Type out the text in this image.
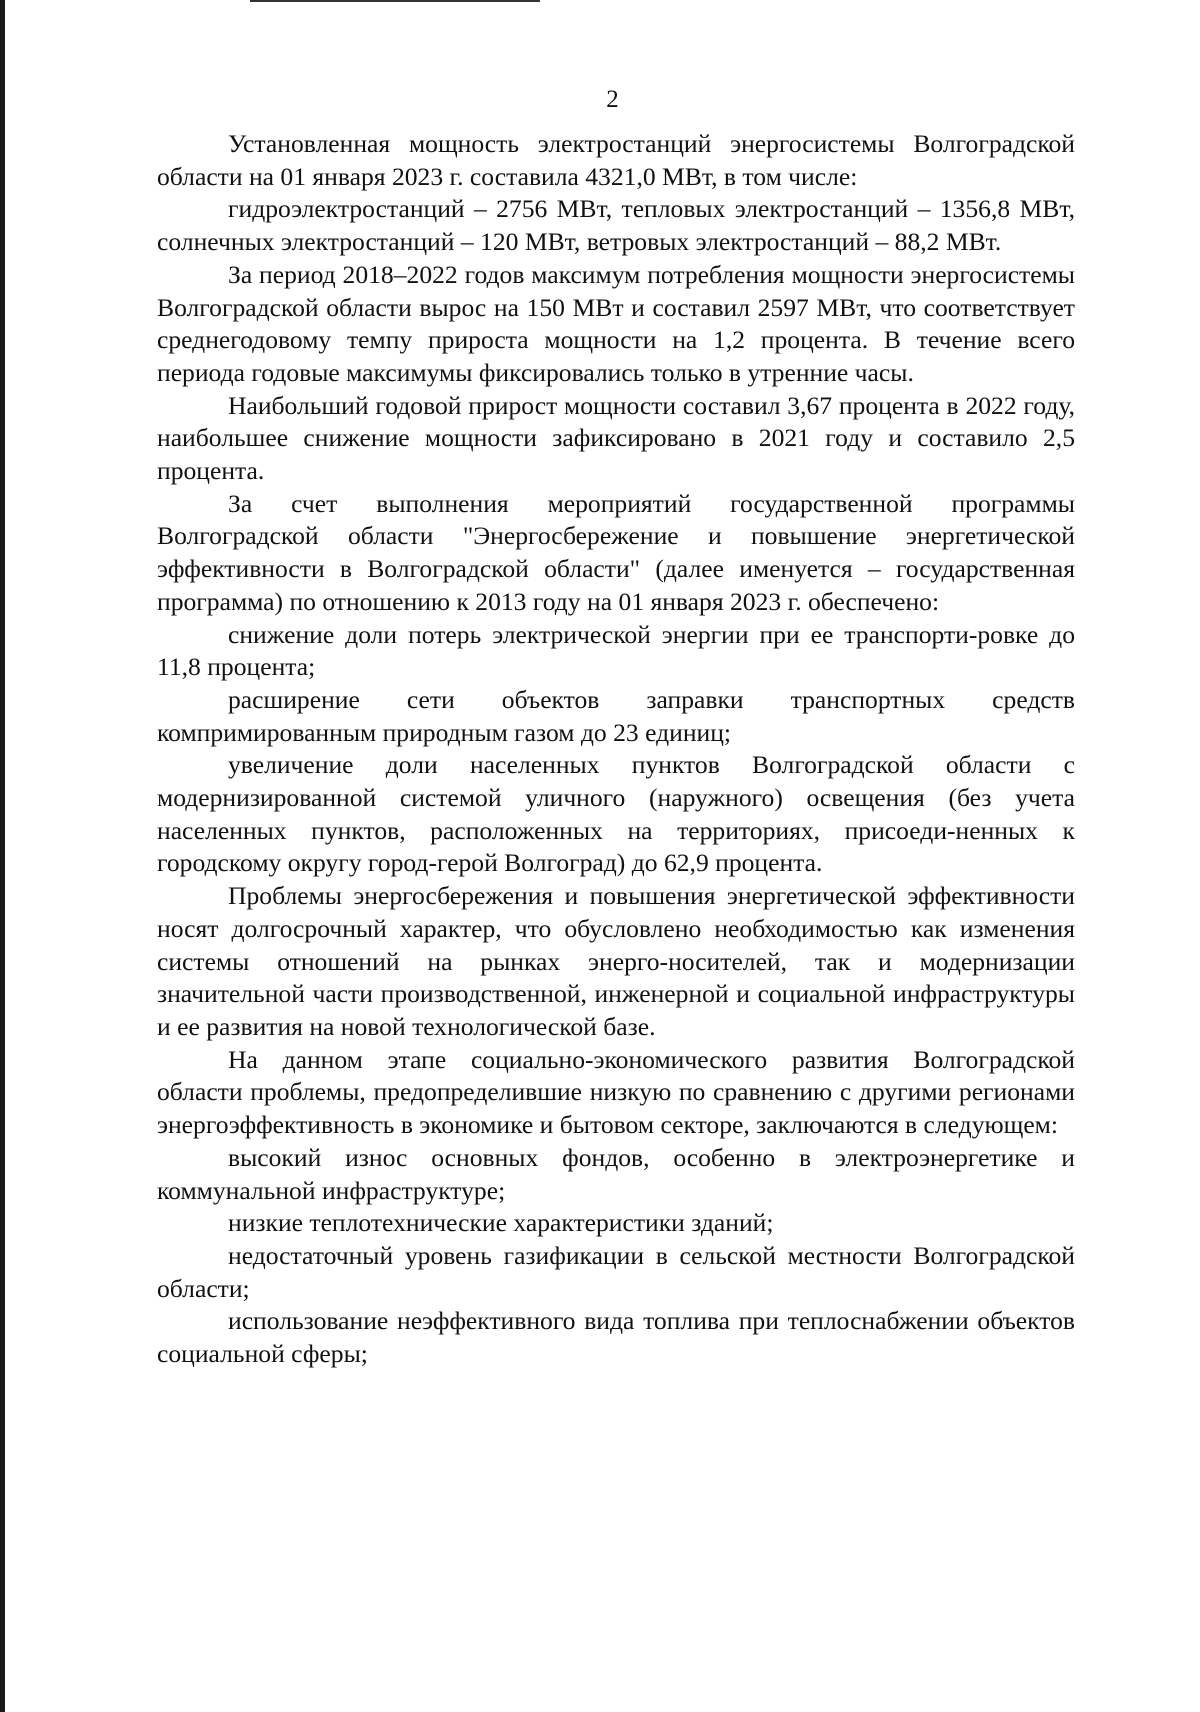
2

Установленная мощность электростанций энергосистемы Волгоградской области на 01 января 2023 г. составила 4321,0 МВт, в том числе:

гидроэлектростанций – 2756 МВт, тепловых электростанций – 1356,8 МВт, солнечных электростанций – 120 МВт, ветровых электростанций – 88,2 МВт.

За период 2018–2022 годов максимум потребления мощности энергосистемы Волгоградской области вырос на 150 МВт и составил 2597 МВт, что соответствует среднегодовому темпу прироста мощности на 1,2 процента. В течение всего периода годовые максимумы фиксировались только в утренние часы.

Наибольший годовой прирост мощности составил 3,67 процента в 2022 году, наибольшее снижение мощности зафиксировано в 2021 году и составило 2,5 процента.

За счет выполнения мероприятий государственной программы Волгоградской области "Энергосбережение и повышение энергетической эффективности в Волгоградской области" (далее именуется – государственная программа) по отношению к 2013 году на 01 января 2023 г. обеспечено:

снижение доли потерь электрической энергии при ее транспорти-ровке до 11,8 процента;

расширение сети объектов заправки транспортных средств компримированным природным газом до 23 единиц;

увеличение доли населенных пунктов Волгоградской области с модернизированной системой уличного (наружного) освещения (без учета населенных пунктов, расположенных на территориях, присоеди-ненных к городскому округу город-герой Волгоград) до 62,9 процента.

Проблемы энергосбережения и повышения энергетической эффективности носят долгосрочный характер, что обусловлено необходимостью как изменения системы отношений на рынках энерго-носителей, так и модернизации значительной части производственной, инженерной и социальной инфраструктуры и ее развития на новой технологической базе.

На данном этапе социально-экономического развития Волгоградской области проблемы, предопределившие низкую по сравнению с другими регионами энергоэффективность в экономике и бытовом секторе, заключаются в следующем:

высокий износ основных фондов, особенно в электроэнергетике и коммунальной инфраструктуре;

низкие теплотехнические характеристики зданий;

недостаточный уровень газификации в сельской местности Волгоградской области;

использование неэффективного вида топлива при теплоснабжении объектов социальной сферы;
